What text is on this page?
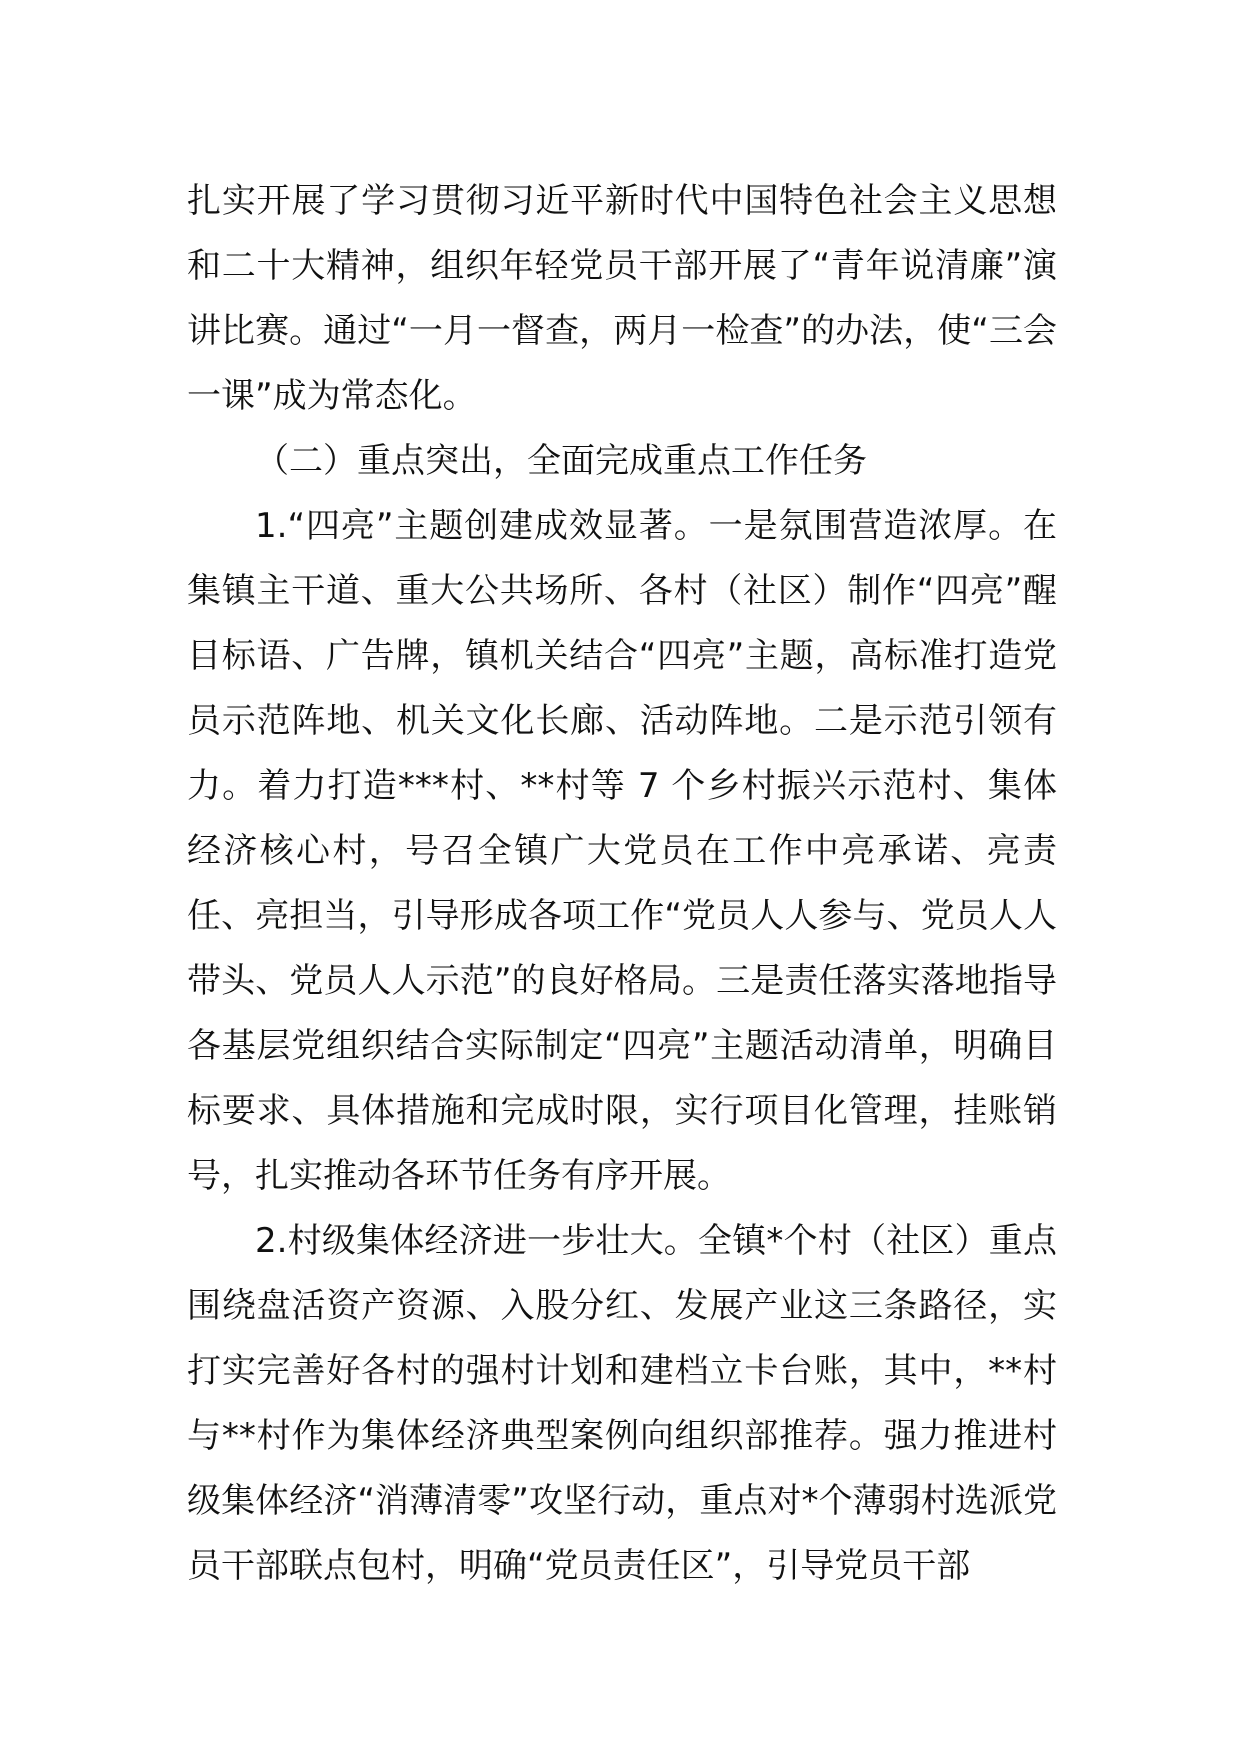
扎实开展了学习贯彻习近平新时代中国特色社会主义思想和二十大精神，组织年轻党员干部开展了“青年说清廉”演讲比赛。通过“一月一督查，两月一检查”的办法，使“三会一课”成为常态化。

（二）重点突出，全面完成重点工作任务

1.“四亮”主题创建成效显著。一是氛围营造浓厚。在集镇主干道、重大公共场所、各村（社区）制作“四亮”醒目标语、广告牌，镇机关结合“四亮”主题，高标准打造党员示范阵地、机关文化长廊、活动阵地。二是示范引领有力。着力打造***村、**村等 7 个乡村振兴示范村、集体经济核心村，号召全镇广大党员在工作中亮承诺、亮责任、亮担当，引导形成各项工作“党员人人参与、党员人人带头、党员人人示范”的良好格局。三是责任落实落地指导各基层党组织结合实际制定“四亮”主题活动清单，明确目标要求、具体措施和完成时限，实行项目化管理，挂账销号，扎实推动各环节任务有序开展。

2.村级集体经济进一步壮大。全镇*个村（社区）重点围绕盘活资产资源、入股分红、发展产业这三条路径，实打实完善好各村的强村计划和建档立卡台账，其中，**村与**村作为集体经济典型案例向组织部推荐。强力推进村级集体经济“消薄清零”攻坚行动，重点对*个薄弱村选派党员干部联点包村，明确“党员责任区”，引导党员干部
